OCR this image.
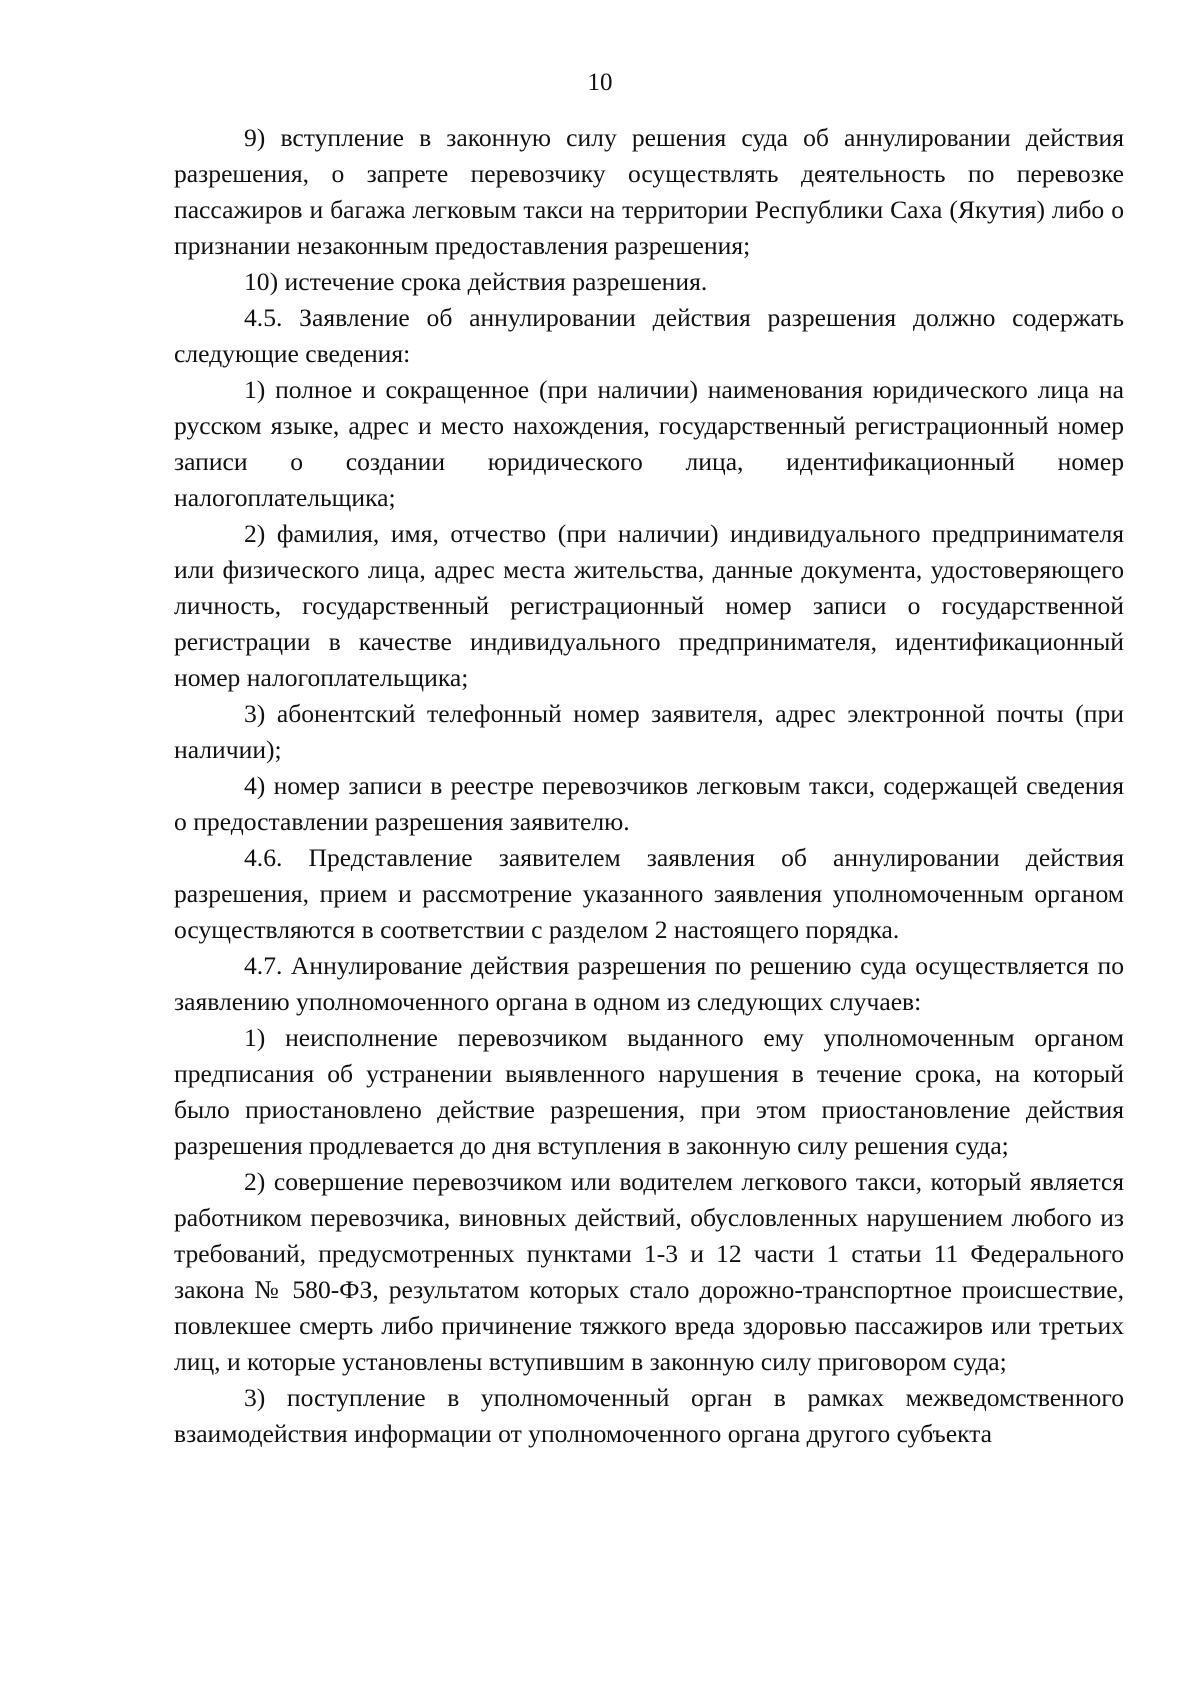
10

9) вступление в законную силу решения суда об аннулировании действия разрешения, о запрете перевозчику осуществлять деятельность по перевозке пассажиров и багажа легковым такси на территории Республики Саха (Якутия) либо о признании незаконным предоставления разрешения;

10) истечение срока действия разрешения.

4.5. Заявление об аннулировании действия разрешения должно содержать следующие сведения:

1) полное и сокращенное (при наличии) наименования юридического лица на русском языке, адрес и место нахождения, государственный регистрационный номер записи о создании юридического лица, идентификационный номер налогоплательщика;

2) фамилия, имя, отчество (при наличии) индивидуального предпринимателя или физического лица, адрес места жительства, данные документа, удостоверяющего личность, государственный регистрационный номер записи о государственной регистрации в качестве индивидуального предпринимателя, идентификационный номер налогоплательщика;

3) абонентский телефонный номер заявителя, адрес электронной почты (при наличии);

4) номер записи в реестре перевозчиков легковым такси, содержащей сведения о предоставлении разрешения заявителю.

4.6. Представление заявителем заявления об аннулировании действия разрешения, прием и рассмотрение указанного заявления уполномоченным органом осуществляются в соответствии с разделом 2 настоящего порядка.

4.7. Аннулирование действия разрешения по решению суда осуществляется по заявлению уполномоченного органа в одном из следующих случаев:

1) неисполнение перевозчиком выданного ему уполномоченным органом предписания об устранении выявленного нарушения в течение срока, на который было приостановлено действие разрешения, при этом приостановление действия разрешения продлевается до дня вступления в законную силу решения суда;

2) совершение перевозчиком или водителем легкового такси, который является работником перевозчика, виновных действий, обусловленных нарушением любого из требований, предусмотренных пунктами 1-3 и 12 части 1 статьи 11 Федерального закона № 580-ФЗ, результатом которых стало дорожно-транспортное происшествие, повлекшее смерть либо причинение тяжкого вреда здоровью пассажиров или третьих лиц, и которые установлены вступившим в законную силу приговором суда;

3) поступление в уполномоченный орган в рамках межведомственного взаимодействия информации от уполномоченного органа другого субъекта
